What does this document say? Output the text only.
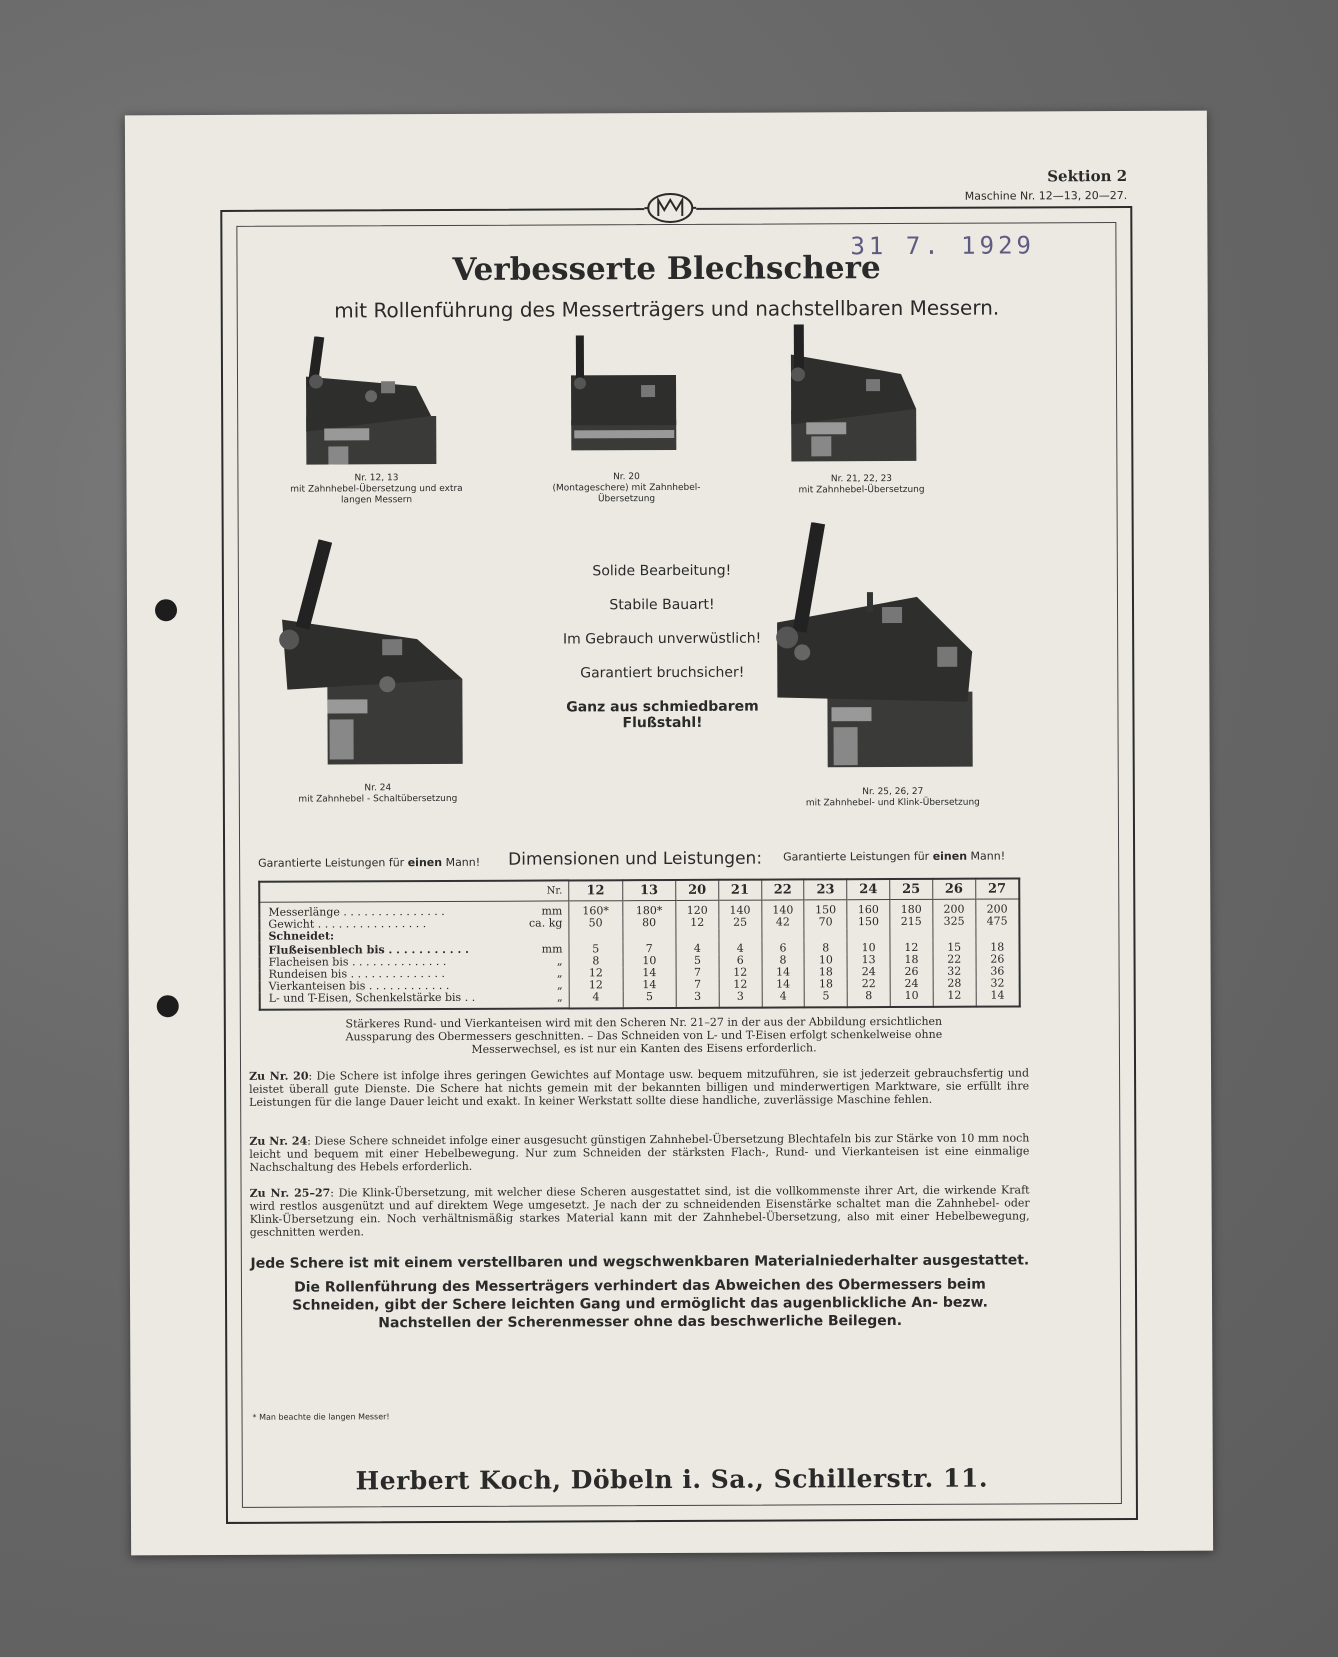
Sektion 2
Maschine Nr. 12—13, 20—27.
31 7. 1929
Verbesserte Blechschere
mit Rollenführung des Messerträgers und nachstellbaren Messern.
Nr. 12, 13
mit Zahnhebel-Übersetzung und extra langen Messern
Nr. 20
(Montageschere) mit Zahnhebel-Übersetzung
Nr. 21, 22, 23
mit Zahnhebel-Übersetzung
Nr. 24
mit Zahnhebel - Schaltübersetzung
Nr. 25, 26, 27
mit Zahnhebel- und Klink-Übersetzung
Solide Bearbeitung!
Stabile Bauart!
Im Gebrauch unverwüstlich!
Garantiert bruchsicher!
Ganz aus schmiedbarem
Flußstahl!
Garantierte Leistungen für einen Mann! Dimensionen und Leistungen: Garantierte Leistungen für einen Mann!
Nr.	12	13	20	21	22	23	24	25	26	27
Messerlänge . . . . . . . . . . . . . . . mm	160*	180*	120	140	140	150	160	180	200	200
Gewicht . . . . . . . . . . . . . . . . ca. kg	50	80	12	25	42	70	150	215	325	475
Schneidet:

Flußeisenblech bis . . . . . . . . . . . mm	5	7	4	4	6	8	10	12	15	18
Flacheisen bis . . . . . . . . . . . . . . „	8	10	5	6	8	10	13	18	22	26
Rundeisen bis . . . . . . . . . . . . . . „	12	14	7	12	14	18	24	26	32	36
Vierkanteisen bis . . . . . . . . . . . . „	12	14	7	12	14	18	22	24	28	32
L- und T-Eisen, Schenkelstärke bis . . „	4	5	3	3	4	5	8	10	12	14
Stärkeres Rund- und Vierkanteisen wird mit den Scheren Nr. 21–27 in der aus der Abbildung ersichtlichen Aussparung des Obermessers geschnitten. – Das Schneiden von L- und T-Eisen erfolgt schenkelweise ohne Messerwechsel, es ist nur ein Kanten des Eisens erforderlich.
Zu Nr. 20: Die Schere ist infolge ihres geringen Gewichtes auf Montage usw. bequem mitzuführen, sie ist jederzeit gebrauchsfertig und leistet überall gute Dienste. Die Schere hat nichts gemein mit der bekannten billigen und minderwertigen Marktware, sie erfüllt ihre Leistungen für die lange Dauer leicht und exakt. In keiner Werkstatt sollte diese handliche, zuverlässige Maschine fehlen.
Zu Nr. 24: Diese Schere schneidet infolge einer ausgesucht günstigen Zahnhebel-Übersetzung Blechtafeln bis zur Stärke von 10 mm noch leicht und bequem mit einer Hebelbewegung. Nur zum Schneiden der stärksten Flach-, Rund- und Vierkanteisen ist eine einmalige Nachschaltung des Hebels erforderlich.
Zu Nr. 25–27: Die Klink-Übersetzung, mit welcher diese Scheren ausgestattet sind, ist die vollkommenste ihrer Art, die wirkende Kraft wird restlos ausgenützt und auf direktem Wege umgesetzt. Je nach der zu schneidenden Eisenstärke schaltet man die Zahnhebel- oder Klink-Übersetzung ein. Noch verhältnismäßig starkes Material kann mit der Zahnhebel-Übersetzung, also mit einer Hebelbewegung, geschnitten werden.
Jede Schere ist mit einem verstellbaren und wegschwenkbaren Materialniederhalter ausgestattet.
Die Rollenführung des Messerträgers verhindert das Abweichen des Obermessers beim Schneiden, gibt der Schere leichten Gang und ermöglicht das augenblickliche An- bezw. Nachstellen der Scherenmesser ohne das beschwerliche Beilegen.
* Man beachte die langen Messer!
Herbert Koch, Döbeln i. Sa., Schillerstr. 11.
